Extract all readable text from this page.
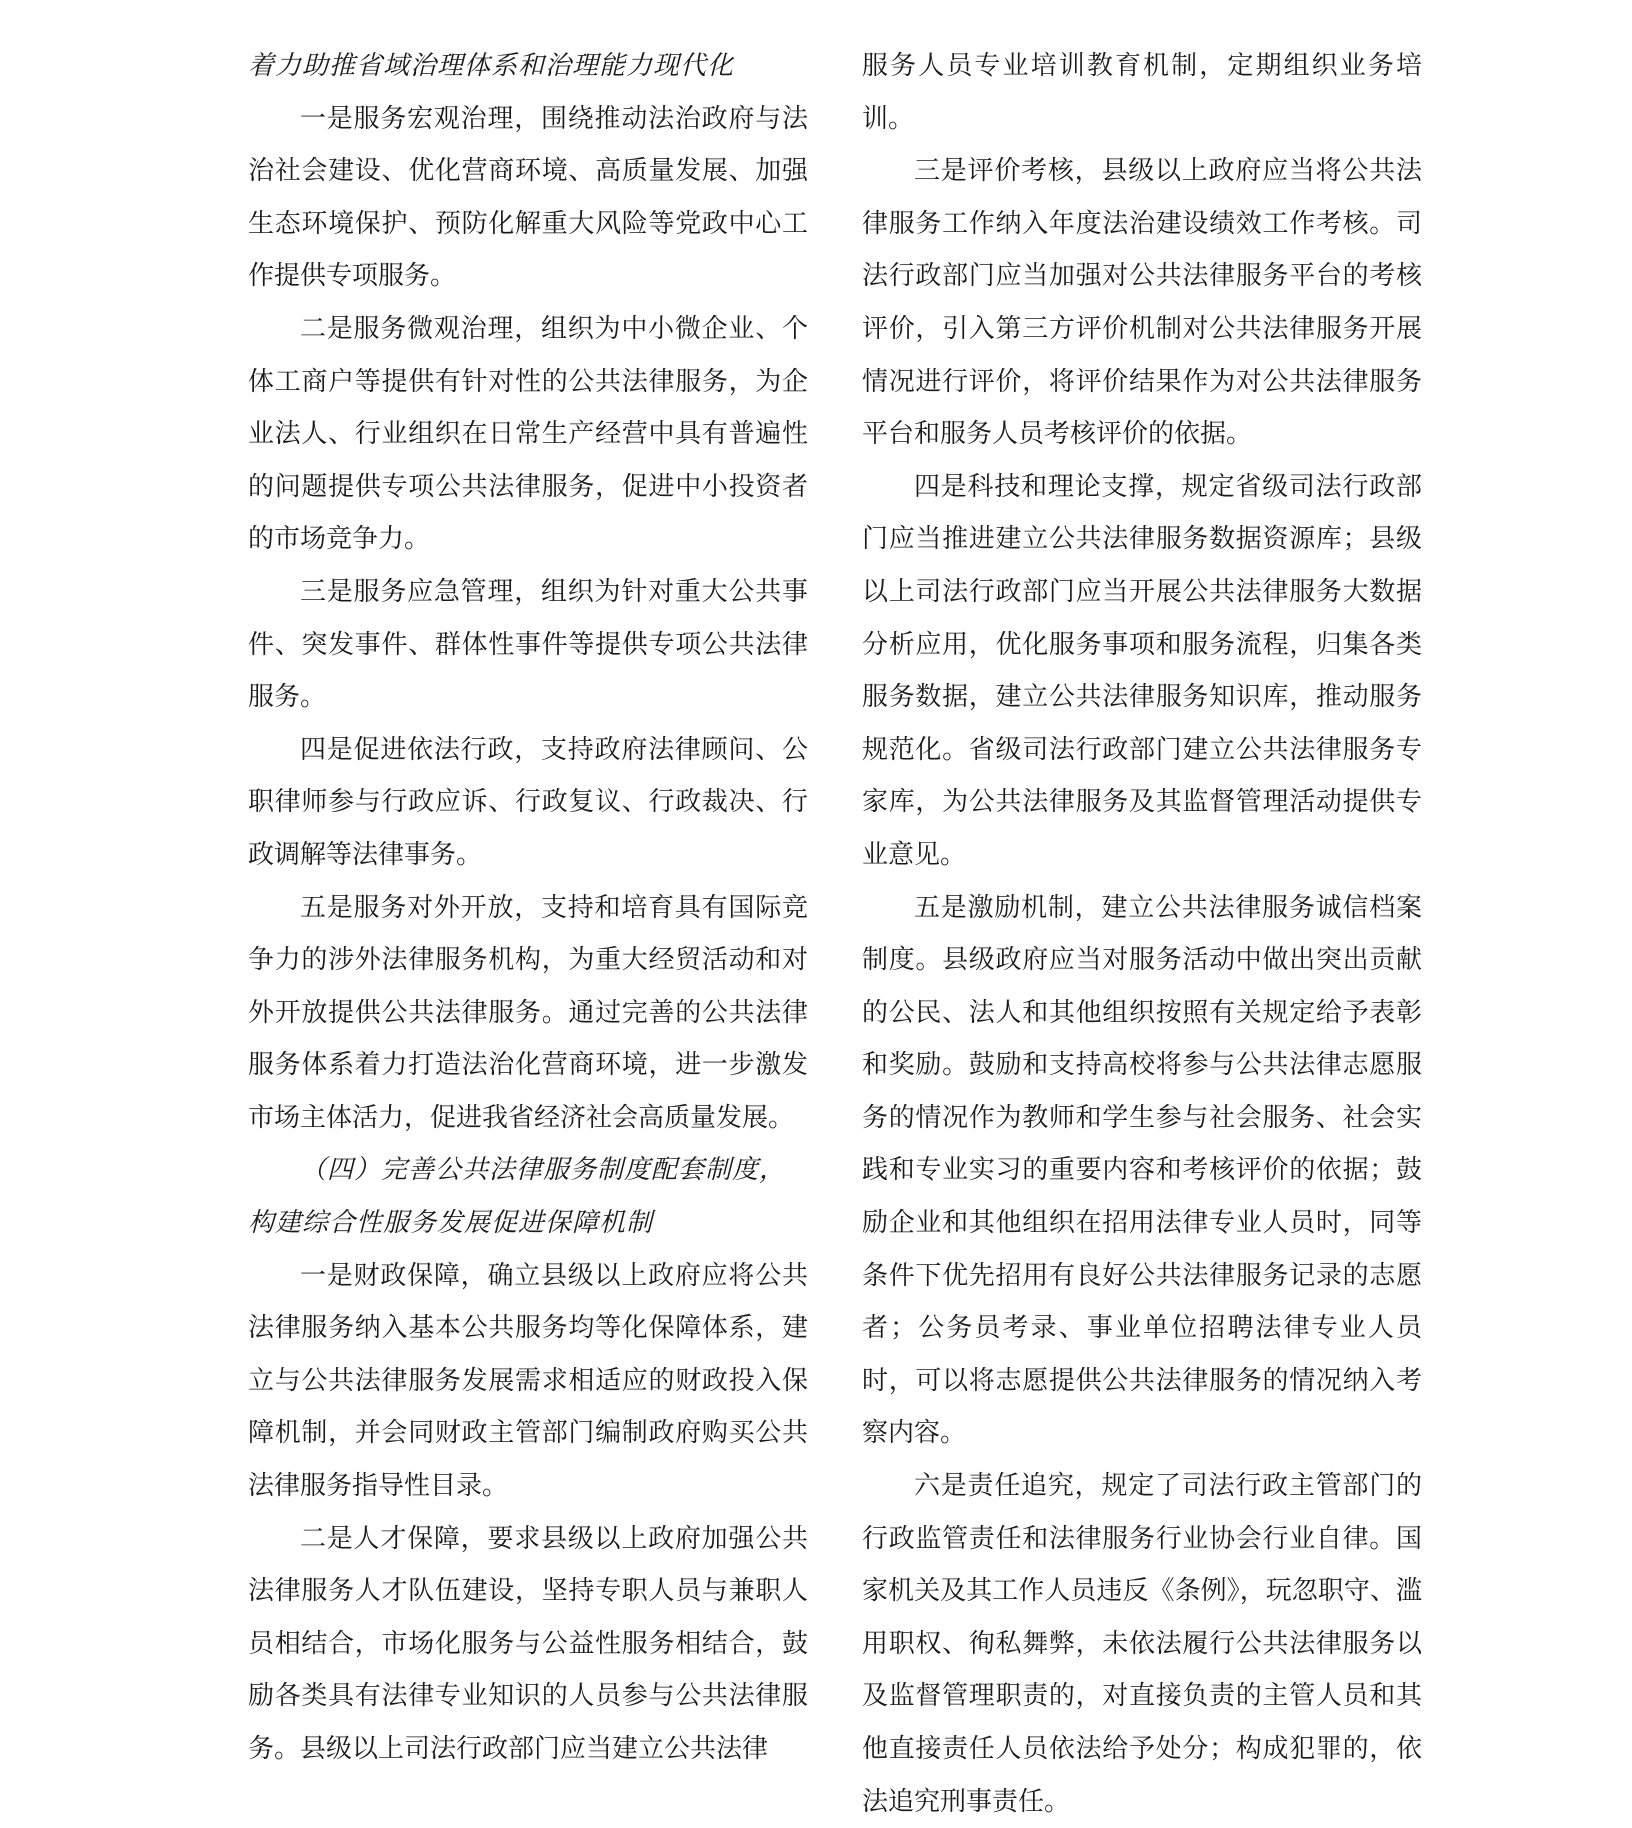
着力助推省域治理体系和治理能力现代化

一是服务宏观治理，围绕推动法治政府与法治社会建设、优化营商环境、高质量发展、加强生态环境保护、预防化解重大风险等党政中心工作提供专项服务。

二是服务微观治理，组织为中小微企业、个体工商户等提供有针对性的公共法律服务，为企业法人、行业组织在日常生产经营中具有普遍性的问题提供专项公共法律服务，促进中小投资者的市场竞争力。

三是服务应急管理，组织为针对重大公共事件、突发事件、群体性事件等提供专项公共法律服务。

四是促进依法行政，支持政府法律顾问、公职律师参与行政应诉、行政复议、行政裁决、行政调解等法律事务。

五是服务对外开放，支持和培育具有国际竞争力的涉外法律服务机构，为重大经贸活动和对外开放提供公共法律服务。通过完善的公共法律服务体系着力打造法治化营商环境，进一步激发市场主体活力，促进我省经济社会高质量发展。

（四）完善公共法律服务制度配套制度，

构建综合性服务发展促进保障机制

一是财政保障，确立县级以上政府应将公共法律服务纳入基本公共服务均等化保障体系，建立与公共法律服务发展需求相适应的财政投入保障机制，并会同财政主管部门编制政府购买公共法律服务指导性目录。

二是人才保障，要求县级以上政府加强公共法律服务人才队伍建设，坚持专职人员与兼职人员相结合，市场化服务与公益性服务相结合，鼓励各类具有法律专业知识的人员参与公共法律服务。县级以上司法行政部门应当建立公共法律

服务人员专业培训教育机制，定期组织业务培训。

三是评价考核，县级以上政府应当将公共法律服务工作纳入年度法治建设绩效工作考核。司法行政部门应当加强对公共法律服务平台的考核评价，引入第三方评价机制对公共法律服务开展情况进行评价，将评价结果作为对公共法律服务平台和服务人员考核评价的依据。

四是科技和理论支撑，规定省级司法行政部门应当推进建立公共法律服务数据资源库；县级以上司法行政部门应当开展公共法律服务大数据分析应用，优化服务事项和服务流程，归集各类服务数据，建立公共法律服务知识库，推动服务规范化。省级司法行政部门建立公共法律服务专家库，为公共法律服务及其监督管理活动提供专业意见。

五是激励机制，建立公共法律服务诚信档案制度。县级政府应当对服务活动中做出突出贡献的公民、法人和其他组织按照有关规定给予表彰和奖励。鼓励和支持高校将参与公共法律志愿服务的情况作为教师和学生参与社会服务、社会实践和专业实习的重要内容和考核评价的依据；鼓励企业和其他组织在招用法律专业人员时，同等条件下优先招用有良好公共法律服务记录的志愿者；公务员考录、事业单位招聘法律专业人员时，可以将志愿提供公共法律服务的情况纳入考察内容。

六是责任追究，规定了司法行政主管部门的行政监管责任和法律服务行业协会行业自律。国家机关及其工作人员违反《条例》，玩忽职守、滥用职权、徇私舞弊，未依法履行公共法律服务以及监督管理职责的，对直接负责的主管人员和其他直接责任人员依法给予处分；构成犯罪的，依法追究刑事责任。
